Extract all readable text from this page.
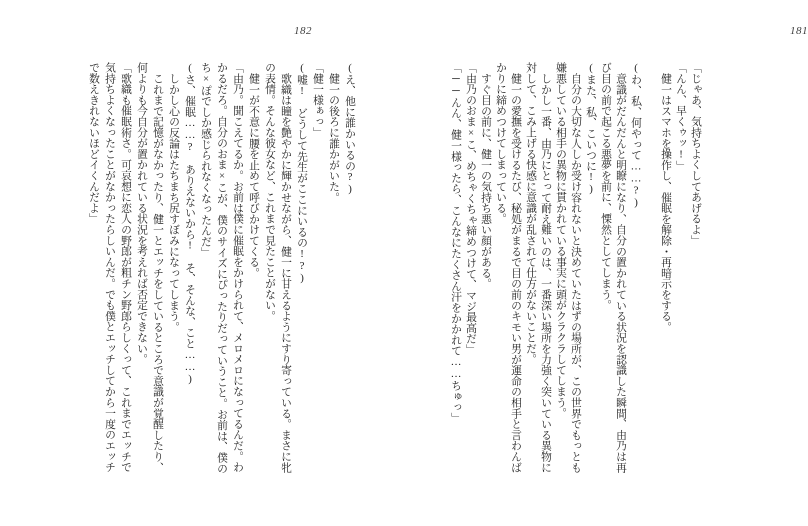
181

「じゃあ、気持ちよくしてあげるよ」

「んん、早くゥッ!」

健一はスマホを操作し、催眠を解除・再暗示をする。

(わ、私、何やって……?)

意識がだんだんと明瞭になり、自分の置かれている状況を認識した瞬間、由乃は再

び目の前で起こる悪夢を前に、慄然としてしまう。

(また、私、こいつに!)

自分の大切な人しか受け容れないと決めていたはずの場所が、この世界でもっとも

嫌悪している相手の異物に貫かれている事実に頭がクラクラしてしまう。

しかし一番、由乃にとって耐え難いのは、一番深い場所を力強く突いている異物に

対して、こみ上げる快感に意識が乱されて仕方がないことだ。

健一の愛撫を受けるたび、秘処がまるで目の前のキモい男が運命の相手と言わんば

かりに締めつけてしまっている。

すぐ目の前に、健一の気持ち悪い顔がある。

「由乃のおま×こ、めちゃくちゃ締めつけて、マジ最高だ」

「──んん、健一様ったら、こんなにたくさん汗をかかれて……ちゅっ」

182

(え、他に誰かいるの?)

健一の後ろに誰かがいた。

「健一様ぁっ」

(嘘!　どうして先生がここにいるの!?)

歌織は瞳を艶やかに輝かせながら、健一に甘えるようにすり寄っている。まさに牝

の表情。そんな彼女など、これまで見たことがない。

健一が不意に腰を止めて呼びかけてくる。

「由乃。聞こえてるか。お前は僕に催眠をかけられて、メロメロになってるんだ。わ

かるだろ。自分のおま×こが、僕のサイズにぴったりだっていうこと。お前は、僕の

ち×ぽでしか感じられなくなったんだ」

(さ、催眠……?　ありえないから!　そ、そんな、こと……)

しかし心の反論はたちまち尻すぼみになってしまう。

これまで記憶がなかったり、健一とエッチをしているところで意識が覚醒したり、

何よりも今自分が置かれている状況を考えれば否定できない。

「歌織も催眠術さ。可哀想に恋人の野郎が粗チン野郎らしくって、これまでエッチで

気持ちよくなったことがなかったらしいんだ。でも僕とエッチしてから一度のエッチ

で数えきれないほどイくんだよ」
